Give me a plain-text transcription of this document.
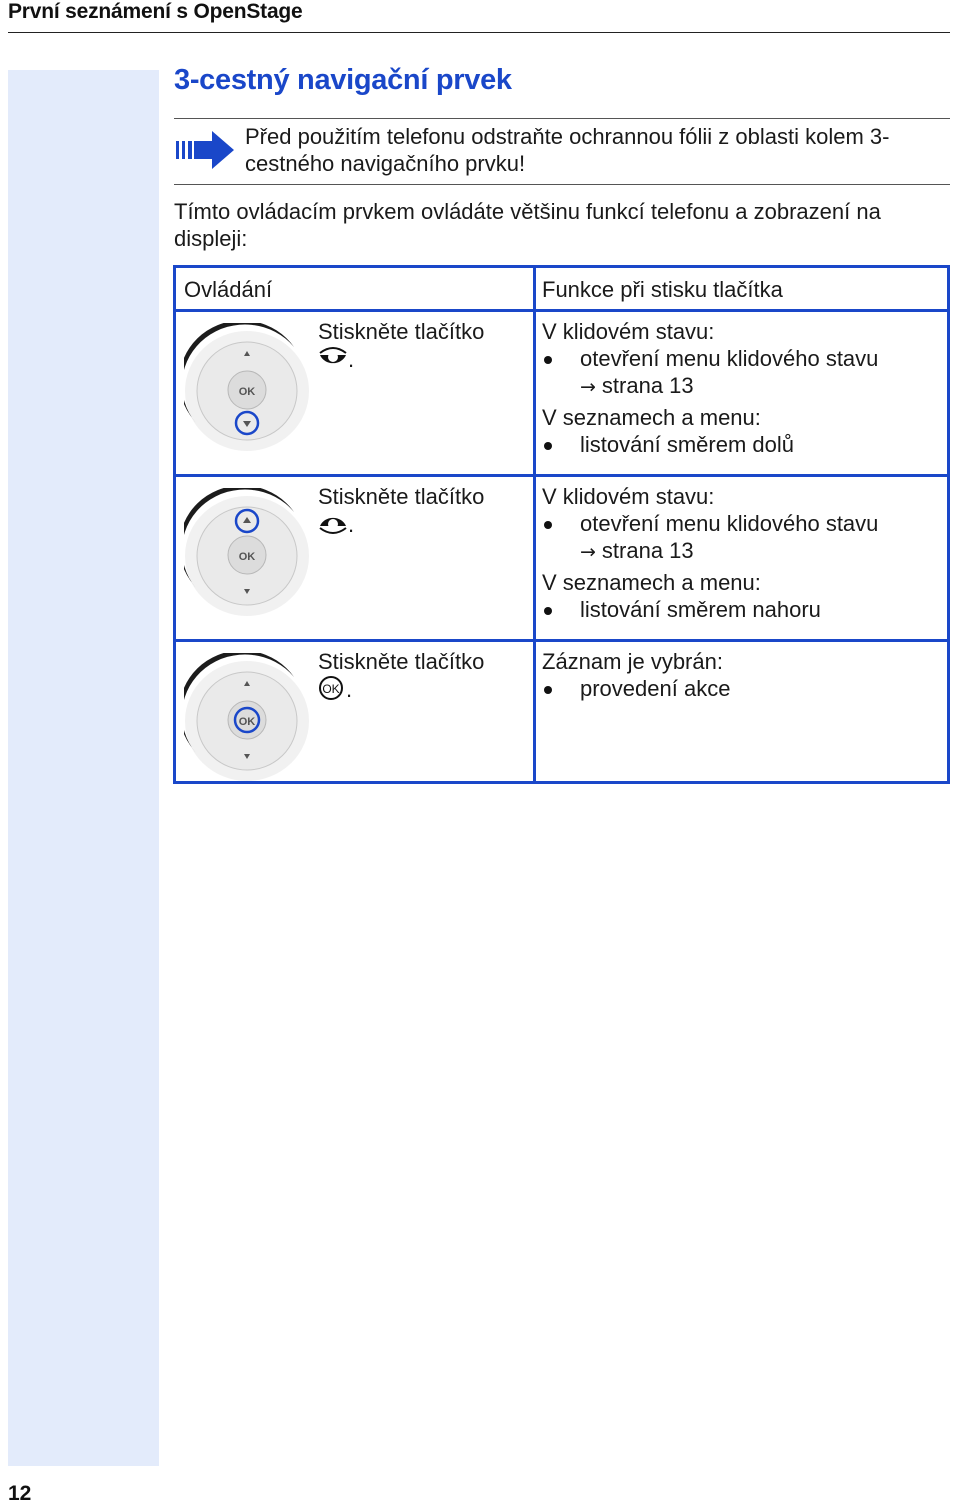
První seznámení s OpenStage
3-cestný navigační prvek
Před použitím telefonu odstraňte ochrannou fólii z oblasti kolem 3-cestného navigačního prvku!
Tímto ovládacím prvkem ovládáte většinu funkcí telefonu a zobrazení na displeji:
Ovládání	Funkce při stisku tlačítka
OK
Stiskněte tlačítko
.
V klidovém stavu:
otevření menu klidového stavu
→ strana 13
V seznamech a menu:
listování směrem dolů
OK
Stiskněte tlačítko
.
V klidovém stavu:
otevření menu klidového stavu
→ strana 13
V seznamech a menu:
listování směrem nahoru
OK
Stiskněte tlačítko

OK .
Záznam je vybrán:
provedení akce
12
